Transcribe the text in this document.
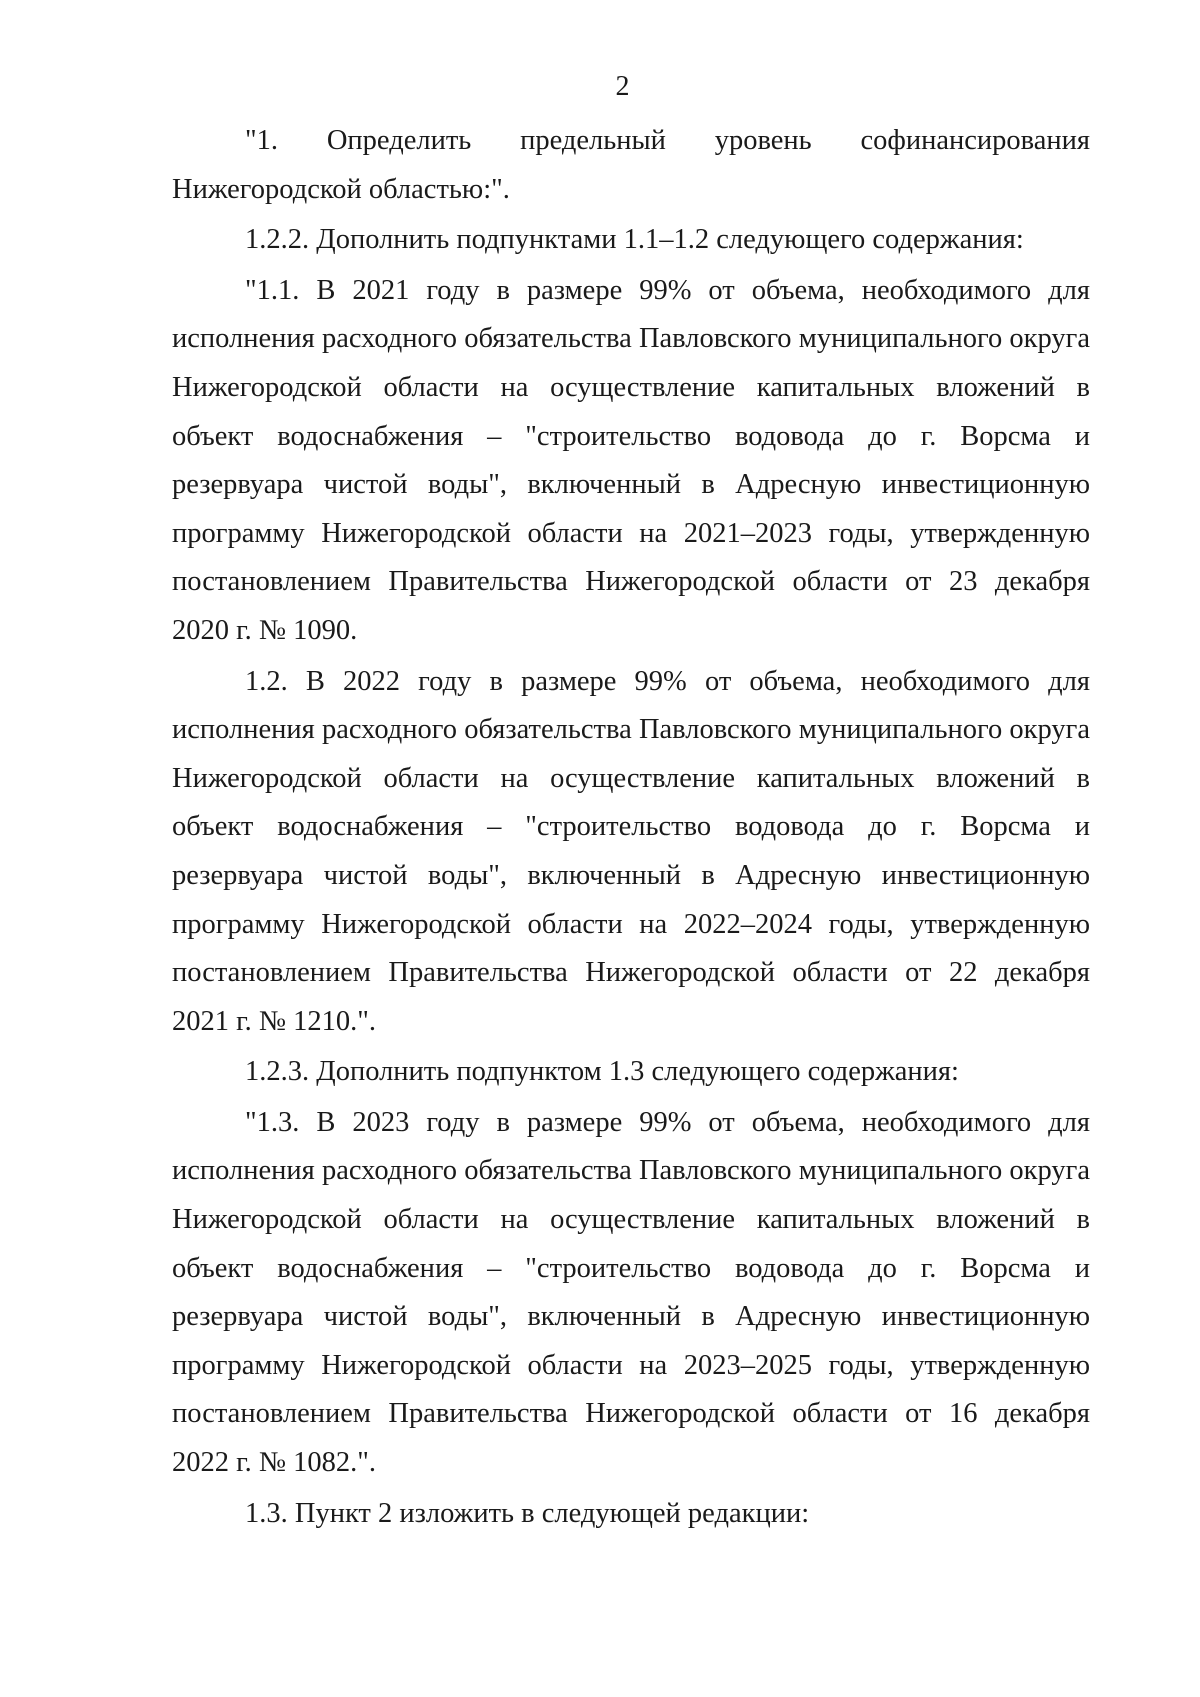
2

"1.   Определить   предельный   уровень   софинансирования Нижегородской областью:".

1.2.2. Дополнить подпунктами 1.1–1.2 следующего содержания:

"1.1. В 2021 году в размере 99% от объема, необходимого для исполнения расходного обязательства Павловского муниципального округа Нижегородской области на осуществление капитальных вложений в объект водоснабжения – "строительство водовода до г. Ворсма и резервуара чистой воды", включенный в Адресную инвестиционную программу Нижегородской области на 2021–2023 годы, утвержденную постановлением Правительства Нижегородской области от 23 декабря 2020 г. № 1090.

1.2. В 2022 году в размере 99% от объема, необходимого для исполнения расходного обязательства Павловского муниципального округа Нижегородской области на осуществление капитальных вложений в объект водоснабжения – "строительство водовода до г. Ворсма и резервуара чистой воды", включенный в Адресную инвестиционную программу Нижегородской области на 2022–2024 годы, утвержденную постановлением Правительства Нижегородской области от 22 декабря 2021 г. № 1210.".

1.2.3. Дополнить подпунктом 1.3 следующего содержания:

"1.3. В 2023 году в размере 99% от объема, необходимого для исполнения расходного обязательства Павловского муниципального округа Нижегородской области на осуществление капитальных вложений в объект водоснабжения – "строительство водовода до г. Ворсма и резервуара чистой воды", включенный в Адресную инвестиционную программу Нижегородской области на 2023–2025 годы, утвержденную постановлением Правительства Нижегородской области от 16 декабря 2022 г. № 1082.".

1.3. Пункт 2 изложить в следующей редакции:
